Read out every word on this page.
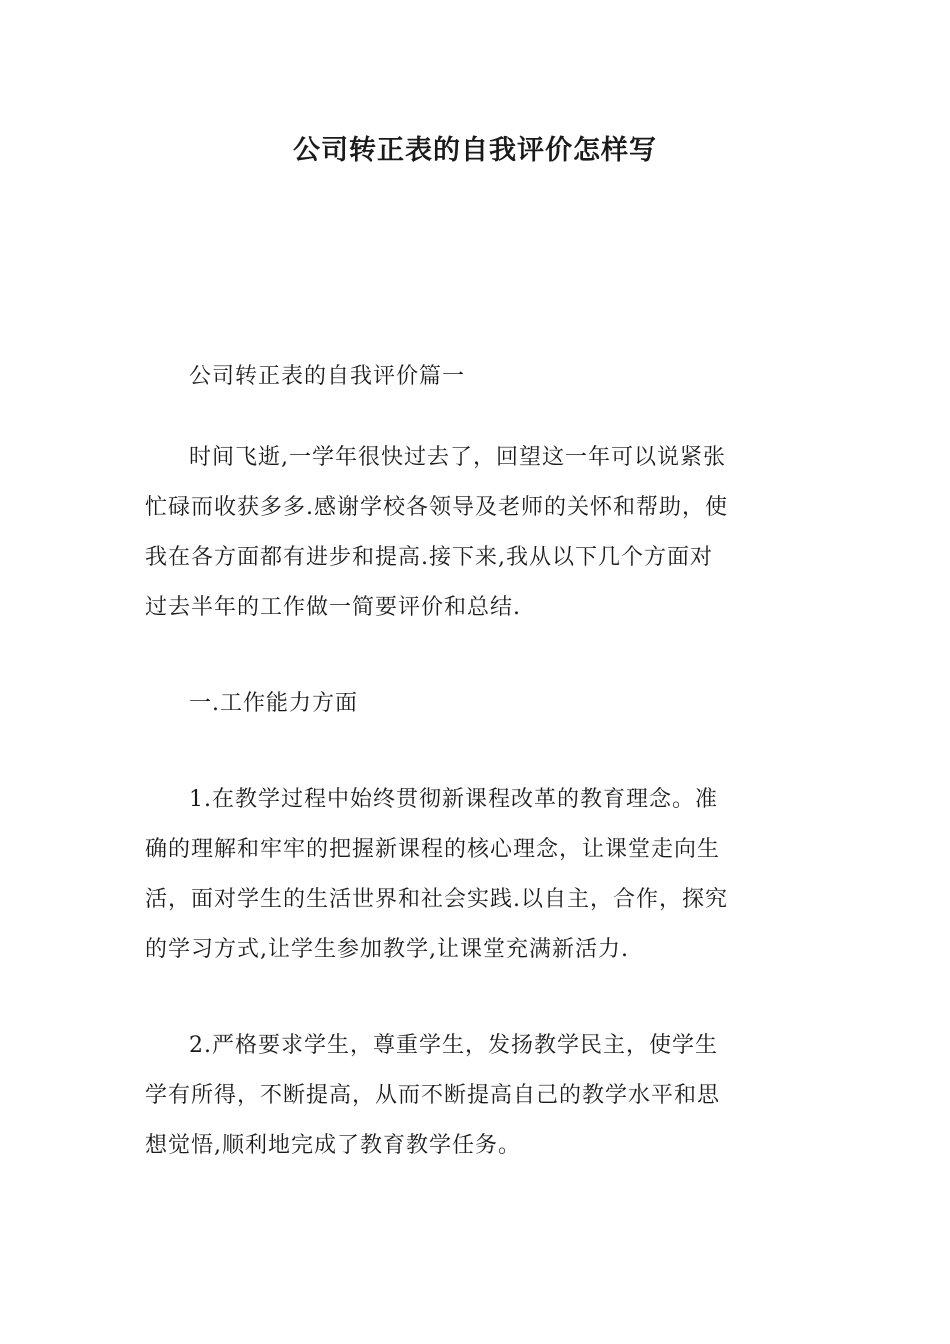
公司转正表的自我评价怎样写

公司转正表的自我评价篇一

时间飞逝,一学年很快过去了，回望这一年可以说紧张
忙碌而收获多多.感谢学校各领导及老师的关怀和帮助，使
我在各方面都有进步和提高.接下来,我从以下几个方面对
过去半年的工作做一简要评价和总结.

一.工作能力方面

1.在教学过程中始终贯彻新课程改革的教育理念。准
确的理解和牢牢的把握新课程的核心理念，让课堂走向生
活，面对学生的生活世界和社会实践.以自主，合作，探究
的学习方式,让学生参加教学,让课堂充满新活力.

2.严格要求学生，尊重学生，发扬教学民主，使学生
学有所得，不断提高，从而不断提高自己的教学水平和思
想觉悟,顺利地完成了教育教学任务。
